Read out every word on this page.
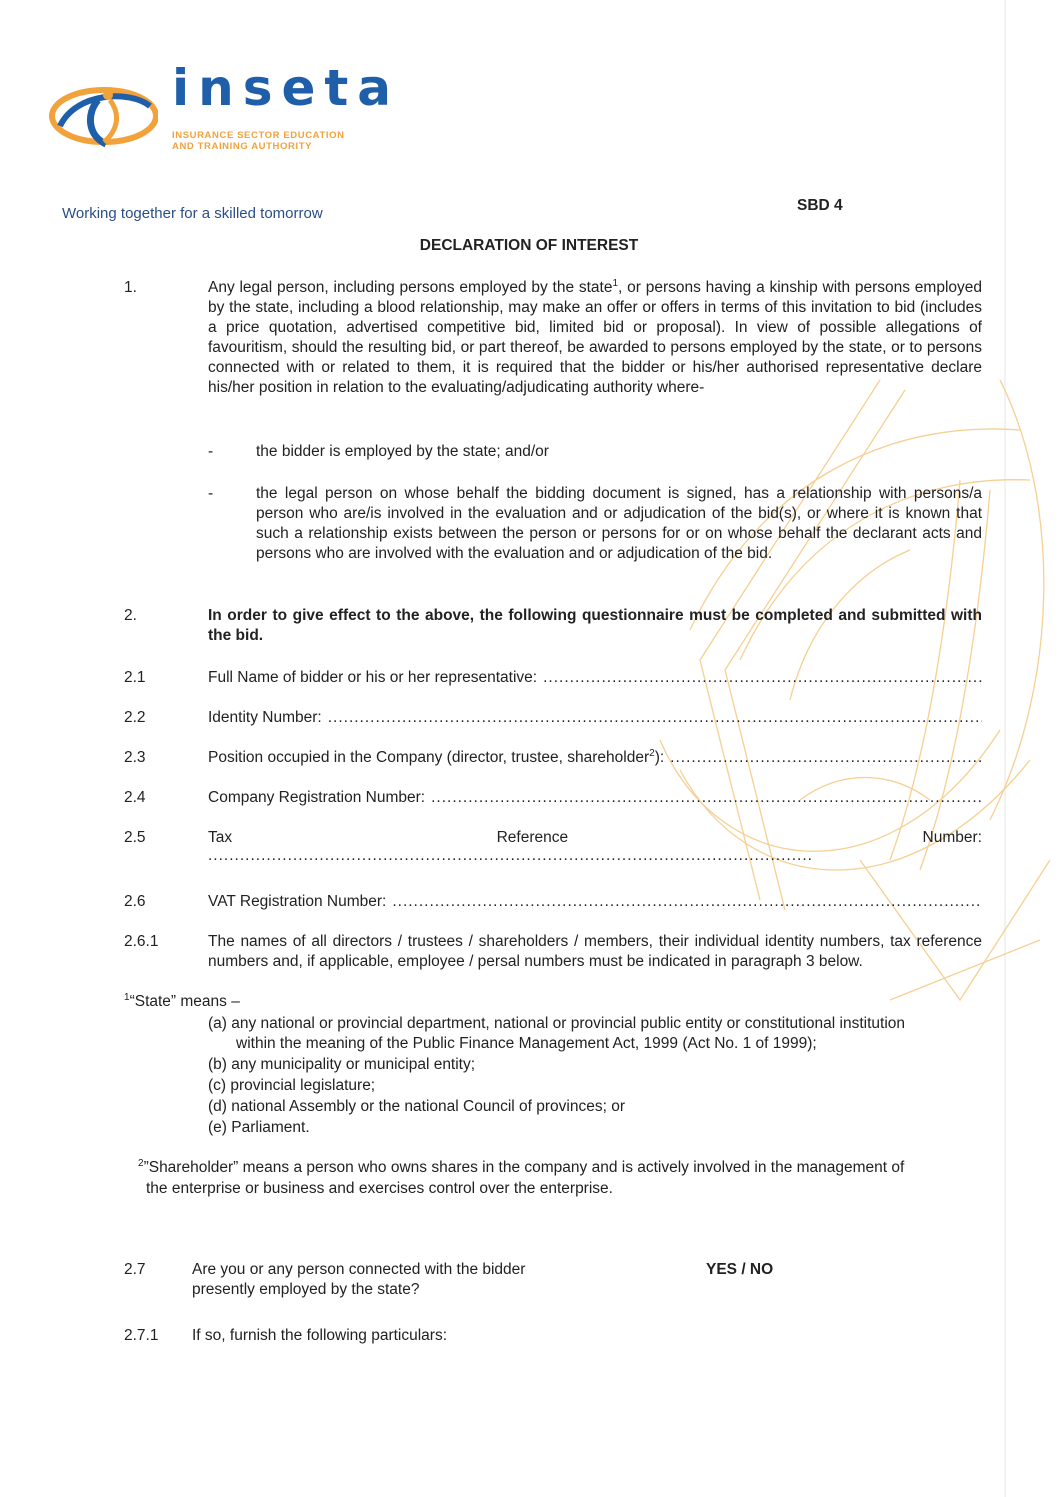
inseta
INSURANCE SECTOR EDUCATION
AND TRAINING AUTHORITY
Working together for a skilled tomorrow	SBD 4
DECLARATION OF INTEREST
1.	Any legal person, including persons employed by the state$^1$, or persons having a kinship with persons employed by the state, including a blood relationship, may make an offer or offers in terms of this invitation to bid (includes a price quotation, advertised competitive bid, limited bid or proposal). In view of possible allegations of favouritism, should the resulting bid, or part thereof, be awarded to persons employed by the state, or to persons connected with or related to them, it is required that the bidder or his/her authorised representative declare his/her position in relation to the evaluating/adjudicating authority where-
-	the bidder is employed by the state; and/or
-	the legal person on whose behalf the bidding document is signed, has a relationship with persons/a person who are/is involved in the evaluation and or adjudication of the bid(s), or where it is known that such a relationship exists between the person or persons for or on whose behalf the declarant acts and persons who are involved with the evaluation and or adjudication of the bid.
2.	In order to give effect to the above, the following questionnaire must be completed and submitted with the bid.
2.1	Full Name of bidder or his or her representative:
.....
2.2	Identity Number:
.....
2.3	Position occupied in the Company (director, trustee, shareholder$^2$):
.....
2.4	Company Registration Number:
.....
2.5	Tax	Reference	Number:
.....
2.6	VAT Registration Number:
.....
2.6.1	The names of all directors / trustees / shareholders / members, their individual identity numbers, tax reference numbers and, if applicable, employee / persal numbers must be indicated in paragraph 3 below.
$^1$“State” means –
(a) any national or provincial department, national or provincial public entity or constitutional institution
within the meaning of the Public Finance Management Act, 1999 (Act No. 1 of 1999);
(b) any municipality or municipal entity;
(c) provincial legislature;
(d) national Assembly or the national Council of provinces; or
(e) Parliament.
$^2$”Shareholder” means a person who owns shares in the company and is actively involved in the management of
the enterprise or business and exercises control over the enterprise.
2.7	Are you or any person connected with the bidder presently employed by the state?
YES / NO
2.7.1 If so, furnish the following particulars:
